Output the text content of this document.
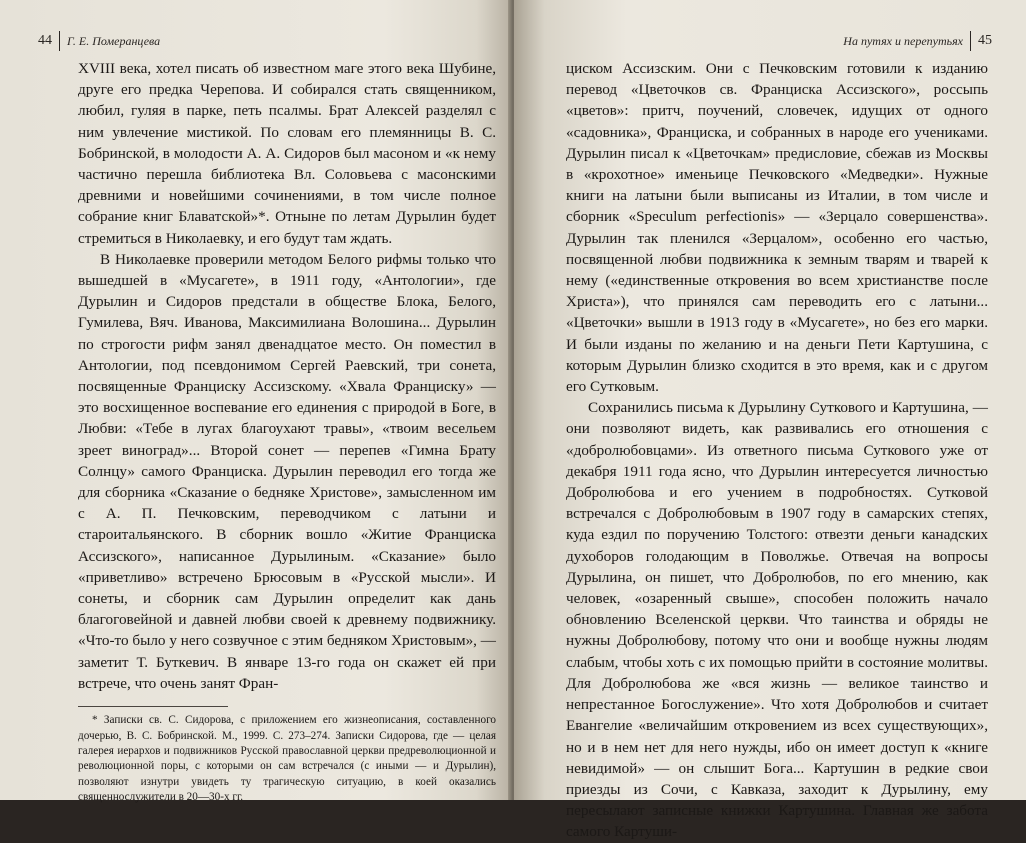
44 Г. Е. Померанцева

XVIII века, хотел писать об известном маге этого века Шубине, друге его предка Черепова. И собирался стать священником, любил, гуляя в парке, петь псалмы. Брат Алексей разделял с ним увлечение мистикой. По словам его племянницы В. С. Бобринской, в молодости А. А. Сидоров был масоном и «к нему частично перешла библиотека Вл. Соловьева с масонскими древними и новейшими сочинениями, в том числе полное собрание книг Блаватской»*. Отныне по летам Дурылин будет стремиться в Николаевку, и его будут там ждать.

В Николаевке проверили методом Белого рифмы только что вышедшей в «Мусагете», в 1911 году, «Антологии», где Дурылин и Сидоров предстали в обществе Блока, Белого, Гумилева, Вяч. Иванова, Максимилиана Волошина... Дурылин по строгости рифм занял двенадцатое место. Он поместил в Антологии, под псевдонимом Сергей Раевский, три сонета, посвященные Франциску Ассизскому. «Хвала Франциску» — это восхищенное воспевание его единения с природой в Боге, в Любви: «Тебе в лугах благоухают травы», «твоим весельем зреет виноград»... Второй сонет — перепев «Гимна Брату Солнцу» самого Франциска. Дурылин переводил его тогда же для сборника «Сказание о бедняке Христове», замысленном им с А. П. Печковским, переводчиком с латыни и староитальянского. В сборник вошло «Житие Франциска Ассизского», написанное Дурылиным. «Сказание» было «приветливо» встречено Брюсовым в «Русской мысли». И сонеты, и сборник сам Дурылин определит как дань благоговейной и давней любви своей к древнему подвижнику. «Что-то было у него созвучное с этим бедняком Христовым», — заметит Т. Буткевич. В январе 13-го года он скажет ей при встрече, что очень занят Фран-

* Записки св. С. Сидорова, с приложением его жизнеописания, составленного дочерью, В. С. Бобринской. М., 1999. С. 273–274. Записки Сидорова, где — целая галерея иерархов и подвижников Русской православной церкви предреволюционной и революционной поры, с которыми он сам встречался (с иными — и Дурылин), позволяют изнутри увидеть ту трагическую ситуацию, в коей оказались священнослужители в 20—30-х гг.

На путях и перепутьях 45

циском Ассизским. Они с Печковским готовили к изданию перевод «Цветочков св. Франциска Ассизского», россыпь «цветов»: притч, поучений, словечек, идущих от одного «садовника», Франциска, и собранных в народе его учениками. Дурылин писал к «Цветочкам» предисловие, сбежав из Москвы в «крохотное» именьице Печковского «Медведки». Нужные книги на латыни были выписаны из Италии, в том числе и сборник «Speculum perfectionis» — «Зерцало совершенства». Дурылин так пленился «Зерцалом», особенно его частью, посвященной любви подвижника к земным тварям и тварей к нему («единственные откровения во всем христианстве после Христа»), что принялся сам переводить его с латыни... «Цветочки» вышли в 1913 году в «Мусагете», но без его марки. И были изданы по желанию и на деньги Пети Картушина, с которым Дурылин близко сходится в это время, как и с другом его Сутковым.

Сохранились письма к Дурылину Суткового и Картушина, — они позволяют видеть, как развивались его отношения с «добролюбовцами». Из ответного письма Суткового уже от декабря 1911 года ясно, что Дурылин интересуется личностью Добролюбова и его учением в подробностях. Сутковой встречался с Добролюбовым в 1907 году в самарских степях, куда ездил по поручению Толстого: отвезти деньги канадских духоборов голодающим в Поволжье. Отвечая на вопросы Дурылина, он пишет, что Добролюбов, по его мнению, как человек, «озаренный свыше», способен положить начало обновлению Вселенской церкви. Что таинства и обряды не нужны Добролюбову, потому что они и вообще нужны людям слабым, чтобы хоть с их помощью прийти в состояние молитвы. Для Добролюбова же «вся жизнь — великое таинство и непрестанное Богослужение». Что хотя Добролюбов и считает Евангелие «величайшим откровением из всех существующих», но и в нем нет для него нужды, ибо он имеет доступ к «книге невидимой» — он слышит Бога... Картушин в редкие свои приезды из Сочи, с Кавказа, заходит к Дурылину, ему пересылают записные книжки Картушина. Главная же забота самого Картуши-
